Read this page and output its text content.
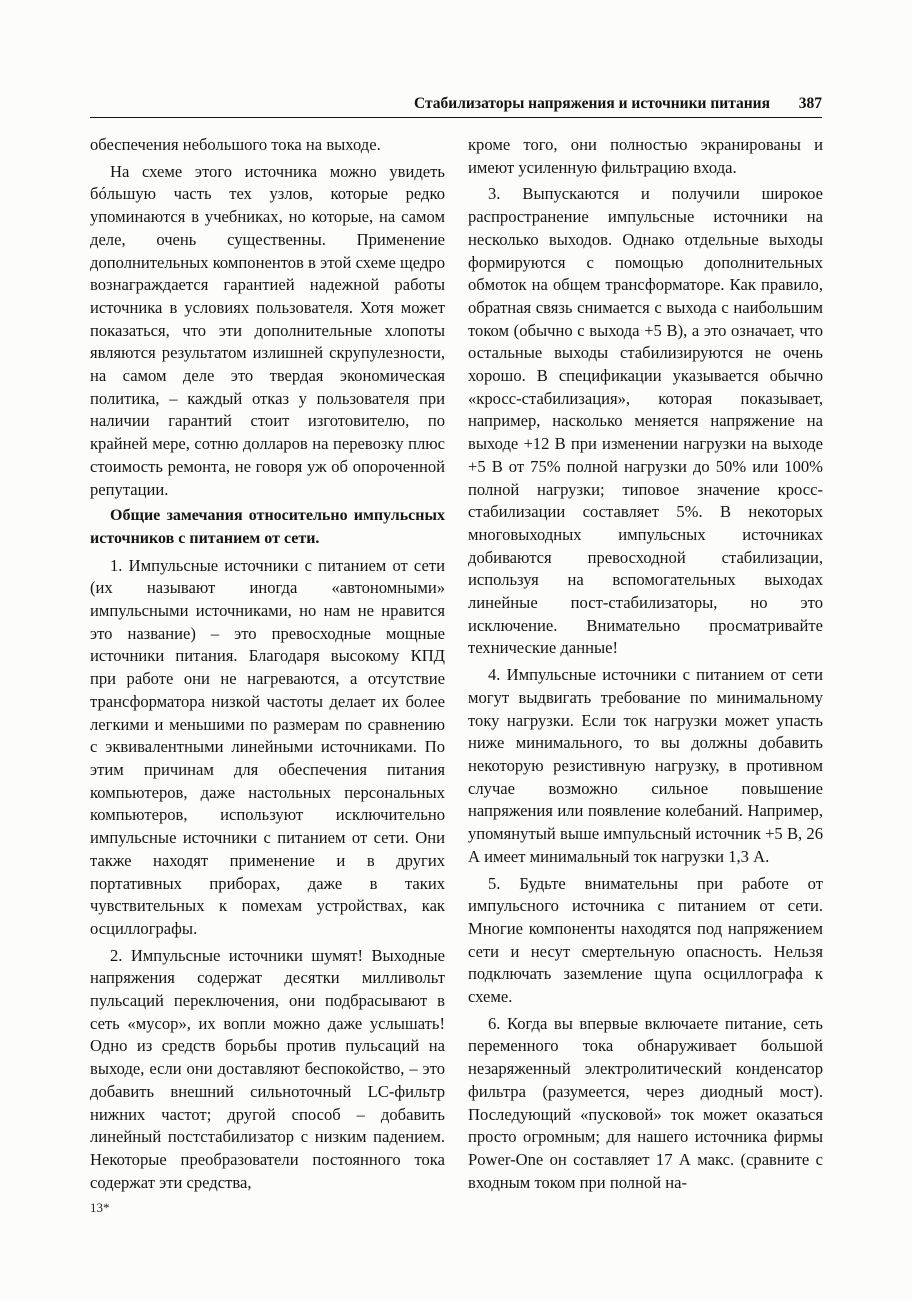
Стабилизаторы напряжения и источники питания 387

обеспечения небольшого тока на выходе.

На схеме этого источника можно увидеть бóльшую часть тех узлов, которые редко упоминаются в учебниках, но которые, на самом деле, очень существенны. Применение дополнительных компонентов в этой схеме щедро вознаграждается гарантией надежной работы источника в условиях пользователя. Хотя может показаться, что эти дополнительные хлопоты являются результатом излишней скрупулезности, на самом деле это твердая экономическая политика, – каждый отказ у пользователя при наличии гарантий стоит изготовителю, по крайней мере, сотню долларов на перевозку плюс стоимость ремонта, не говоря уж об опороченной репутации.

Общие замечания относительно импульсных источников с питанием от сети.

1. Импульсные источники с питанием от сети (их называют иногда «автономными» импульсными источниками, но нам не нравится это название) – это превосходные мощные источники питания. Благодаря высокому КПД при работе они не нагреваются, а отсутствие трансформатора низкой частоты делает их более легкими и меньшими по размерам по сравнению с эквивалентными линейными источниками. По этим причинам для обеспечения питания компьютеров, даже настольных персональных компьютеров, используют исключительно импульсные источники с питанием от сети. Они также находят применение и в других портативных приборах, даже в таких чувствительных к помехам устройствах, как осциллографы.

2. Импульсные источники шумят! Выходные напряжения содержат десятки милливольт пульсаций переключения, они подбрасывают в сеть «мусор», их вопли можно даже услышать! Одно из средств борьбы против пульсаций на выходе, если они доставляют беспокойство, – это добавить внешний сильноточный LC-фильтр нижних частот; другой способ – добавить линейный постстабилизатор с низким падением. Некоторые преобразователи постоянного тока содержат эти средства,

кроме того, они полностью экранированы и имеют усиленную фильтрацию входа.

3. Выпускаются и получили широкое распространение импульсные источники на несколько выходов. Однако отдельные выходы формируются с помощью дополнительных обмоток на общем трансформаторе. Как правило, обратная связь снимается с выхода с наибольшим током (обычно с выхода +5 В), а это означает, что остальные выходы стабилизируются не очень хорошо. В спецификации указывается обычно «кросс-стабилизация», которая показывает, например, насколько меняется напряжение на выходе +12 В при изменении нагрузки на выходе +5 В от 75% полной нагрузки до 50% или 100% полной нагрузки; типовое значение кросс-стабилизации составляет 5%. В некоторых многовыходных импульсных источниках добиваются превосходной стабилизации, используя на вспомогательных выходах линейные пост-стабилизаторы, но это исключение. Внимательно просматривайте технические данные!

4. Импульсные источники с питанием от сети могут выдвигать требование по минимальному току нагрузки. Если ток нагрузки может упасть ниже минимального, то вы должны добавить некоторую резистивную нагрузку, в противном случае возможно сильное повышение напряжения или появление колебаний. Например, упомянутый выше импульсный источник +5 В, 26 А имеет минимальный ток нагрузки 1,3 А.

5. Будьте внимательны при работе от импульсного источника с питанием от сети. Многие компоненты находятся под напряжением сети и несут смертельную опасность. Нельзя подключать заземление щупа осциллографа к схеме.

6. Когда вы впервые включаете питание, сеть переменного тока обнаруживает большой незаряженный электролитический конденсатор фильтра (разумеется, через диодный мост). Последующий «пусковой» ток может оказаться просто огромным; для нашего источника фирмы Power-One он составляет 17 А макс. (сравните с входным током при полной на-

13*
